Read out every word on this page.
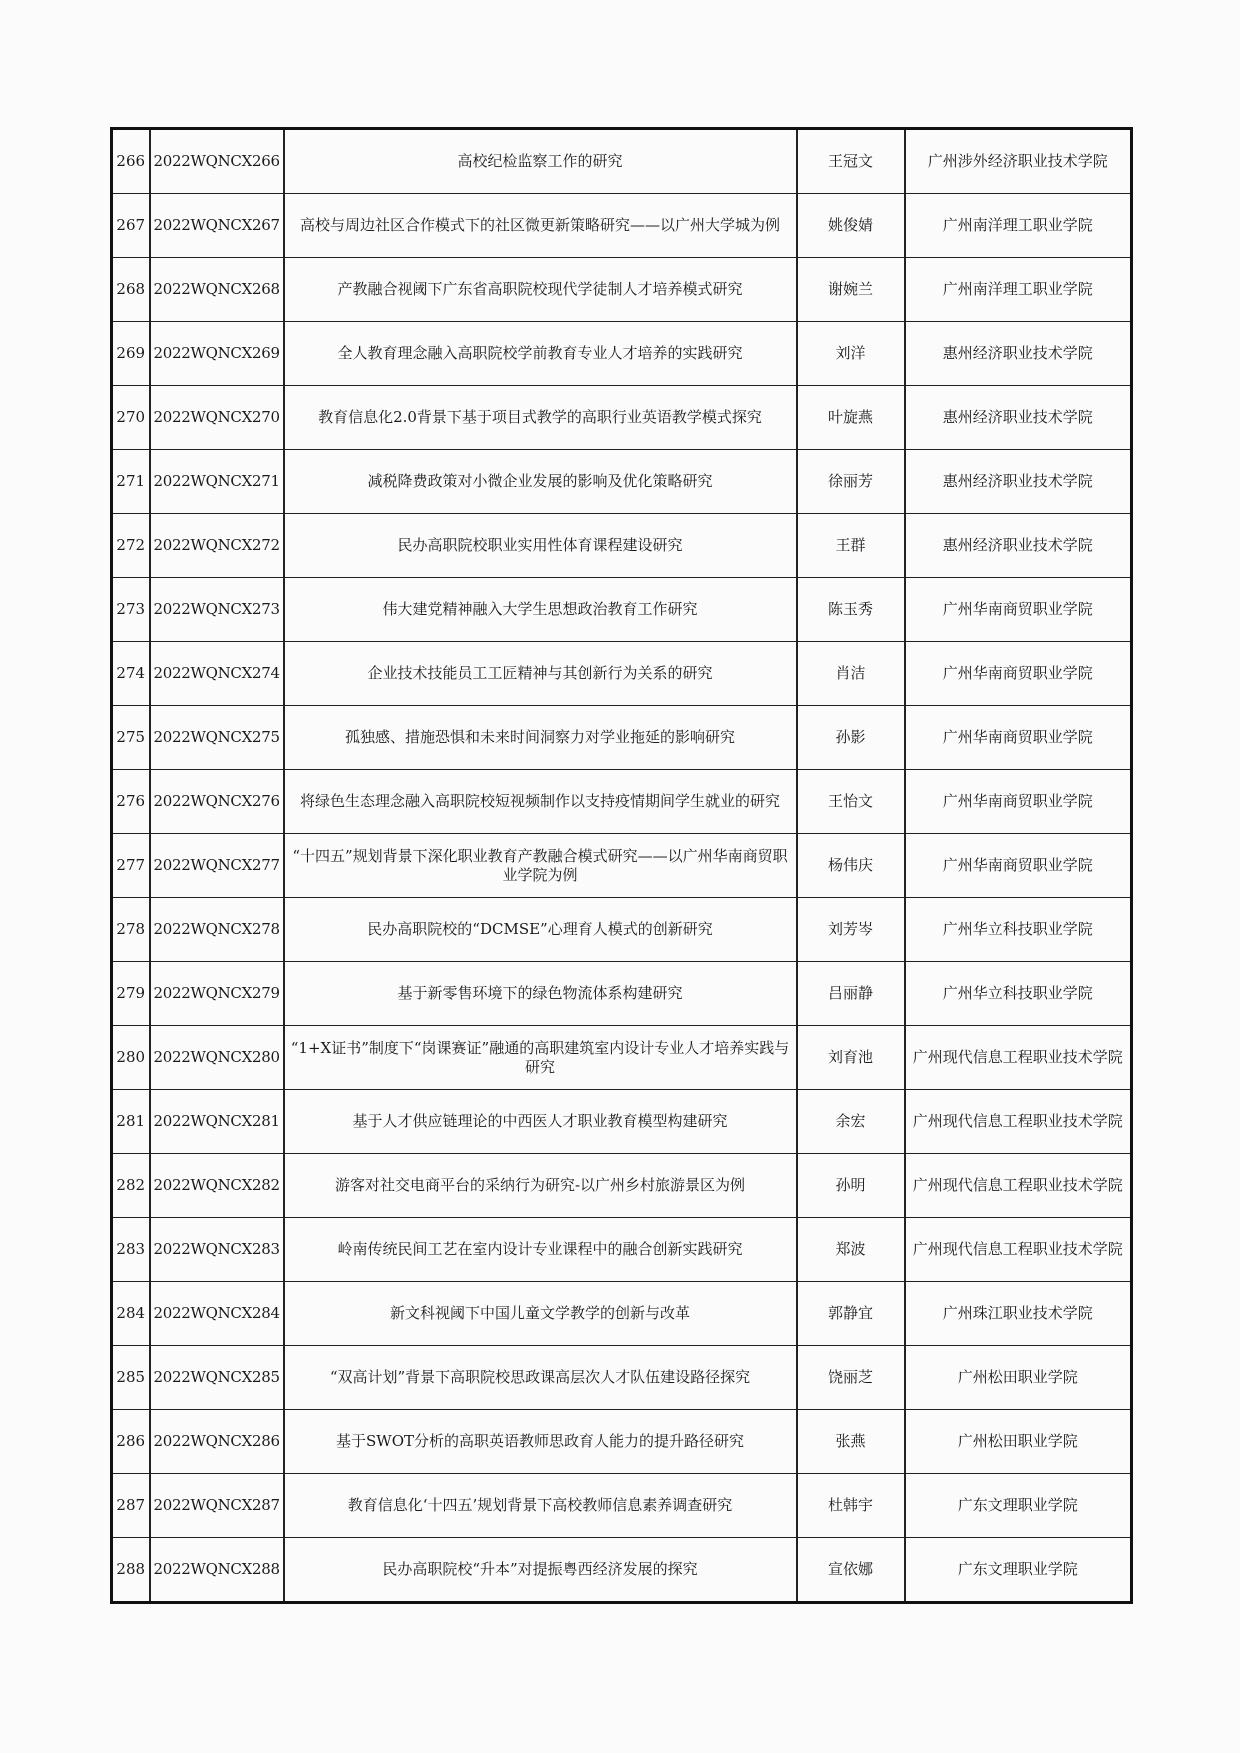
266	2022WQNCX266	高校纪检监察工作的研究	王冠文	广州涉外经济职业技术学院
267	2022WQNCX267	高校与周边社区合作模式下的社区微更新策略研究——以广州大学城为例	姚俊婧	广州南洋理工职业学院
268	2022WQNCX268	产教融合视阈下广东省高职院校现代学徒制人才培养模式研究	谢婉兰	广州南洋理工职业学院
269	2022WQNCX269	全人教育理念融入高职院校学前教育专业人才培养的实践研究	刘洋	惠州经济职业技术学院
270	2022WQNCX270	教育信息化2.0背景下基于项目式教学的高职行业英语教学模式探究	叶旋燕	惠州经济职业技术学院
271	2022WQNCX271	减税降费政策对小微企业发展的影响及优化策略研究	徐丽芳	惠州经济职业技术学院
272	2022WQNCX272	民办高职院校职业实用性体育课程建设研究	王群	惠州经济职业技术学院
273	2022WQNCX273	伟大建党精神融入大学生思想政治教育工作研究	陈玉秀	广州华南商贸职业学院
274	2022WQNCX274	企业技术技能员工工匠精神与其创新行为关系的研究	肖洁	广州华南商贸职业学院
275	2022WQNCX275	孤独感、措施恐惧和未来时间洞察力对学业拖延的影响研究	孙影	广州华南商贸职业学院
276	2022WQNCX276	将绿色生态理念融入高职院校短视频制作以支持疫情期间学生就业的研究	王怡文	广州华南商贸职业学院
277	2022WQNCX277	“十四五”规划背景下深化职业教育产教融合模式研究——以广州华南商贸职业学院为例	杨伟庆	广州华南商贸职业学院
278	2022WQNCX278	民办高职院校的“DCMSE”心理育人模式的创新研究	刘芳岑	广州华立科技职业学院
279	2022WQNCX279	基于新零售环境下的绿色物流体系构建研究	吕丽静	广州华立科技职业学院
280	2022WQNCX280	“1+X证书”制度下“岗课赛证”融通的高职建筑室内设计专业人才培养实践与研究	刘育池	广州现代信息工程职业技术学院
281	2022WQNCX281	基于人才供应链理论的中西医人才职业教育模型构建研究	余宏	广州现代信息工程职业技术学院
282	2022WQNCX282	游客对社交电商平台的采纳行为研究-以广州乡村旅游景区为例	孙明	广州现代信息工程职业技术学院
283	2022WQNCX283	岭南传统民间工艺在室内设计专业课程中的融合创新实践研究	郑波	广州现代信息工程职业技术学院
284	2022WQNCX284	新文科视阈下中国儿童文学教学的创新与改革	郭静宜	广州珠江职业技术学院
285	2022WQNCX285	“双高计划”背景下高职院校思政课高层次人才队伍建设路径探究	饶丽芝	广州松田职业学院
286	2022WQNCX286	基于SWOT分析的高职英语教师思政育人能力的提升路径研究	张燕	广州松田职业学院
287	2022WQNCX287	教育信息化‘十四五’规划背景下高校教师信息素养调查研究	杜韩宇	广东文理职业学院
288	2022WQNCX288	民办高职院校“升本”对提振粤西经济发展的探究	宣依娜	广东文理职业学院
